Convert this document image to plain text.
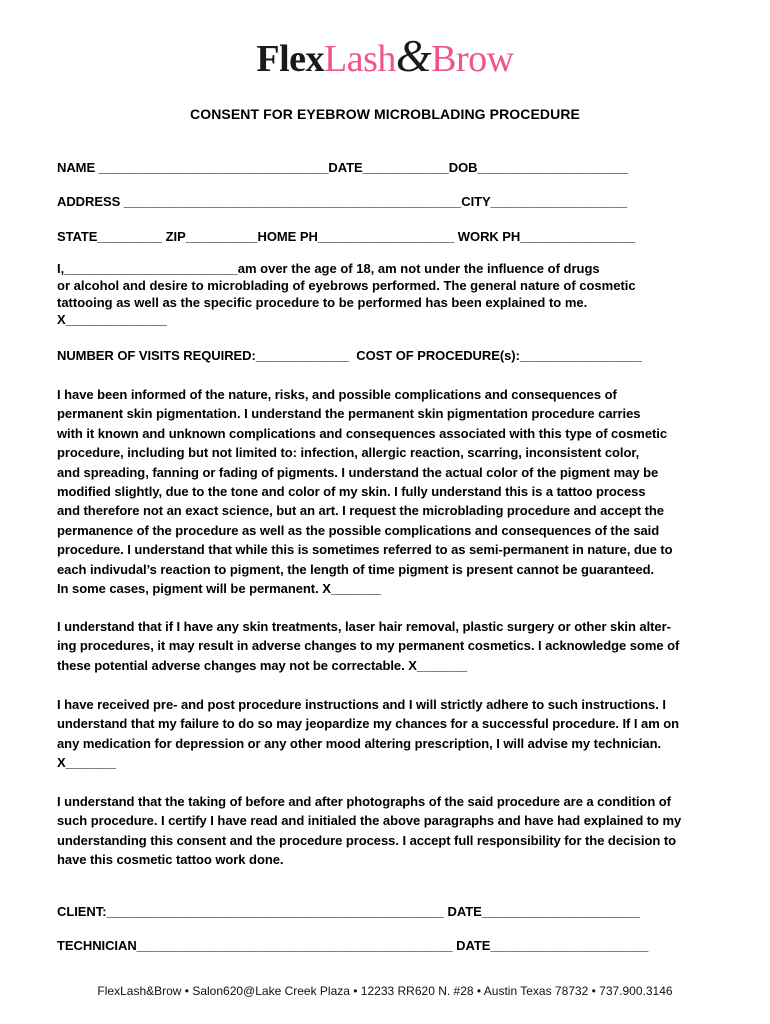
FlexLash&Brow
CONSENT FOR EYEBROW MICROBLADING PROCEDURE
NAME ________________________________DATE____________DOB_____________________
ADDRESS _______________________________________________CITY___________________
STATE_________ ZIP__________HOME PH___________________ WORK PH________________
I,________________________am over the age of 18, am not under the influence of drugs
or alcohol and desire to microblading of eyebrows performed. The general nature of cosmetic
tattooing as well as the specific procedure to be performed has been explained to me.
X______________
NUMBER OF VISITS REQUIRED:_____________  COST OF PROCEDURE(s):_________________
I have been informed of the nature, risks, and possible complications and consequences of
permanent skin pigmentation. I understand the permanent skin pigmentation procedure carries
with it known and unknown complications and consequences associated with this type of cosmetic
procedure, including but not limited to: infection, allergic reaction, scarring, inconsistent color,
and spreading, fanning or fading of pigments. I understand the actual color of the pigment may be
modified slightly, due to the tone and color of my skin. I fully understand this is a tattoo process
and therefore not an exact science, but an art. I request the microblading procedure and accept the
permanence of the procedure as well as the possible complications and consequences of the said
procedure. I understand that while this is sometimes referred to as semi-permanent in nature, due to
each indivudal’s reaction to pigment, the length of time pigment is present cannot be guaranteed.
In some cases, pigment will be permanent. X_______
I understand that if I have any skin treatments, laser hair removal, plastic surgery or other skin alter-
ing procedures, it may result in adverse changes to my permanent cosmetics. I acknowledge some of
these potential adverse changes may not be correctable. X_______
I have received pre- and post procedure instructions and I will strictly adhere to such instructions. I
understand that my failure to do so may jeopardize my chances for a successful procedure. If I am on
any medication for depression or any other mood altering prescription, I will advise my technician.
X_______
I understand that the taking of before and after photographs of the said procedure are a condition of
such procedure. I certify I have read and initialed the above paragraphs and have had explained to my
understanding this consent and the procedure process. I accept full responsibility for the decision to
have this cosmetic tattoo work done.
CLIENT:_______________________________________________ DATE______________________
TECHNICIAN____________________________________________ DATE______________________
FlexLash&Brow • Salon620@Lake Creek Plaza • 12233 RR620 N. #28 • Austin Texas 78732 • 737.900.3146
